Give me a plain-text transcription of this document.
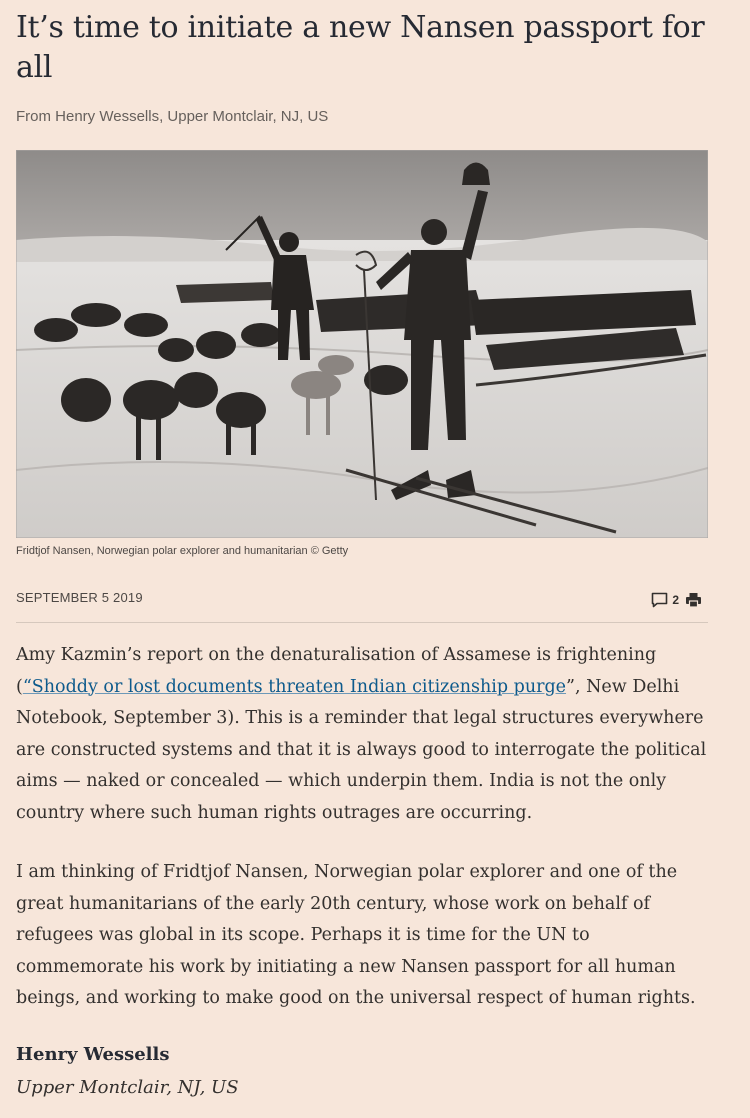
It’s time to initiate a new Nansen passport for all
From Henry Wessells, Upper Montclair, NJ, US
Fridtjof Nansen, Norwegian polar explorer and humanitarian © Getty
SEPTEMBER 5 2019	2

Amy Kazmin’s report on the denaturalisation of Assamese is frightening (“Shoddy or lost documents threaten Indian citizenship purge”, New Delhi Notebook, September 3). This is a reminder that legal structures everywhere are constructed systems and that it is always good to interrogate the political aims — naked or concealed — which underpin them. India is not the only country where such human rights outrages are occurring.

I am thinking of Fridtjof Nansen, Norwegian polar explorer and one of the great humanitarians of the early 20th century, whose work on behalf of refugees was global in its scope. Perhaps it is time for the UN to commemorate his work by initiating a new Nansen passport for all human beings, and working to make good on the universal respect of human rights.

Henry Wessells
Upper Montclair, NJ, US
